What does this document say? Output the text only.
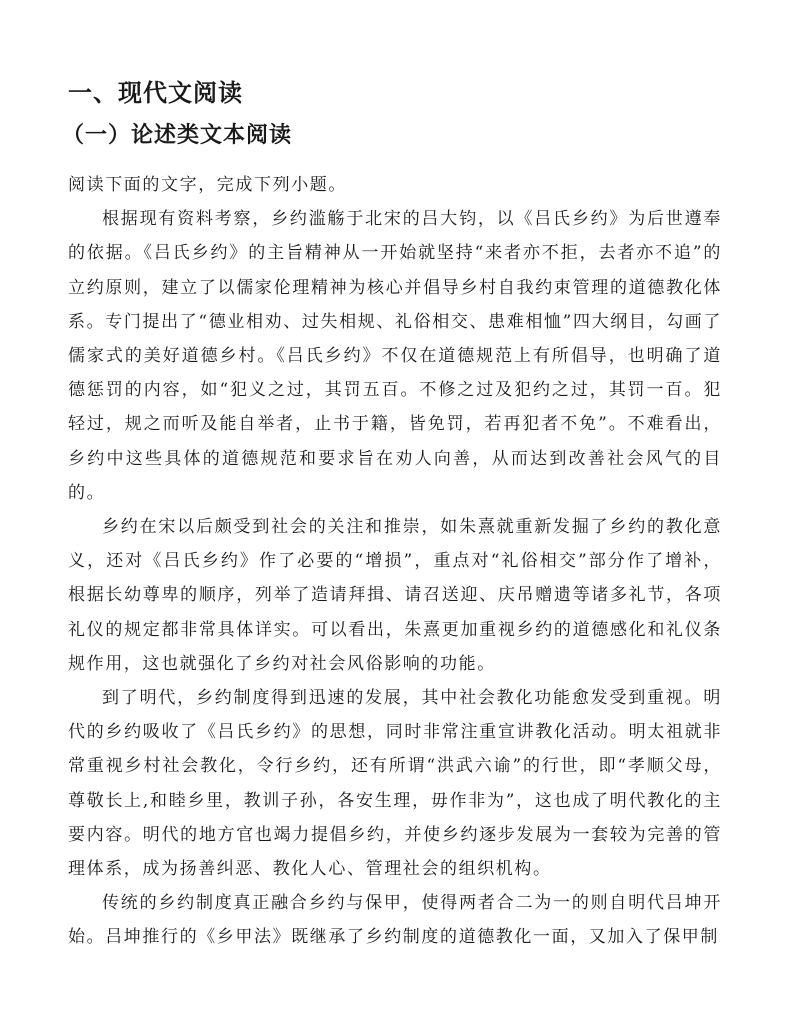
一、现代文阅读
（一）论述类文本阅读

阅读下面的文字，完成下列小题。

根据现有资料考察，乡约滥觞于北宋的吕大钧，以《吕氏乡约》为后世遵奉的依据。《吕氏乡约》的主旨精神从一开始就坚持“来者亦不拒，去者亦不追”的立约原则，建立了以儒家伦理精神为核心并倡导乡村自我约束管理的道德教化体系。专门提出了“德业相劝、过失相规、礼俗相交、患难相恤”四大纲目，勾画了儒家式的美好道德乡村。《吕氏乡约》不仅在道德规范上有所倡导，也明确了道德惩罚的内容，如“犯义之过，其罚五百。不修之过及犯约之过，其罚一百。犯轻过，规之而听及能自举者，止书于籍，皆免罚，若再犯者不免”。不难看出，乡约中这些具体的道德规范和要求旨在劝人向善，从而达到改善社会风气的目的。

乡约在宋以后颇受到社会的关注和推崇，如朱熹就重新发掘了乡约的教化意义，还对《吕氏乡约》作了必要的“增损”，重点对“礼俗相交”部分作了增补，根据长幼尊卑的顺序，列举了造请拜揖、请召送迎、庆吊赠遗等诸多礼节，各项礼仪的规定都非常具体详实。可以看出，朱熹更加重视乡约的道德感化和礼仪条规作用，这也就强化了乡约对社会风俗影响的功能。

到了明代，乡约制度得到迅速的发展，其中社会教化功能愈发受到重视。明代的乡约吸收了《吕氏乡约》的思想，同时非常注重宣讲教化活动。明太祖就非常重视乡村社会教化，令行乡约，还有所谓“洪武六谕”的行世，即“孝顺父母，尊敬长上,和睦乡里，教训子孙，各安生理，毋作非为”，这也成了明代教化的主要内容。明代的地方官也竭力提倡乡约，并使乡约逐步发展为一套较为完善的管理体系，成为扬善纠恶、教化人心、管理社会的组织机构。

传统的乡约制度真正融合乡约与保甲，使得两者合二为一的则自明代吕坤开始。吕坤推行的《乡甲法》既继承了乡约制度的道德教化一面，又加入了保甲制
